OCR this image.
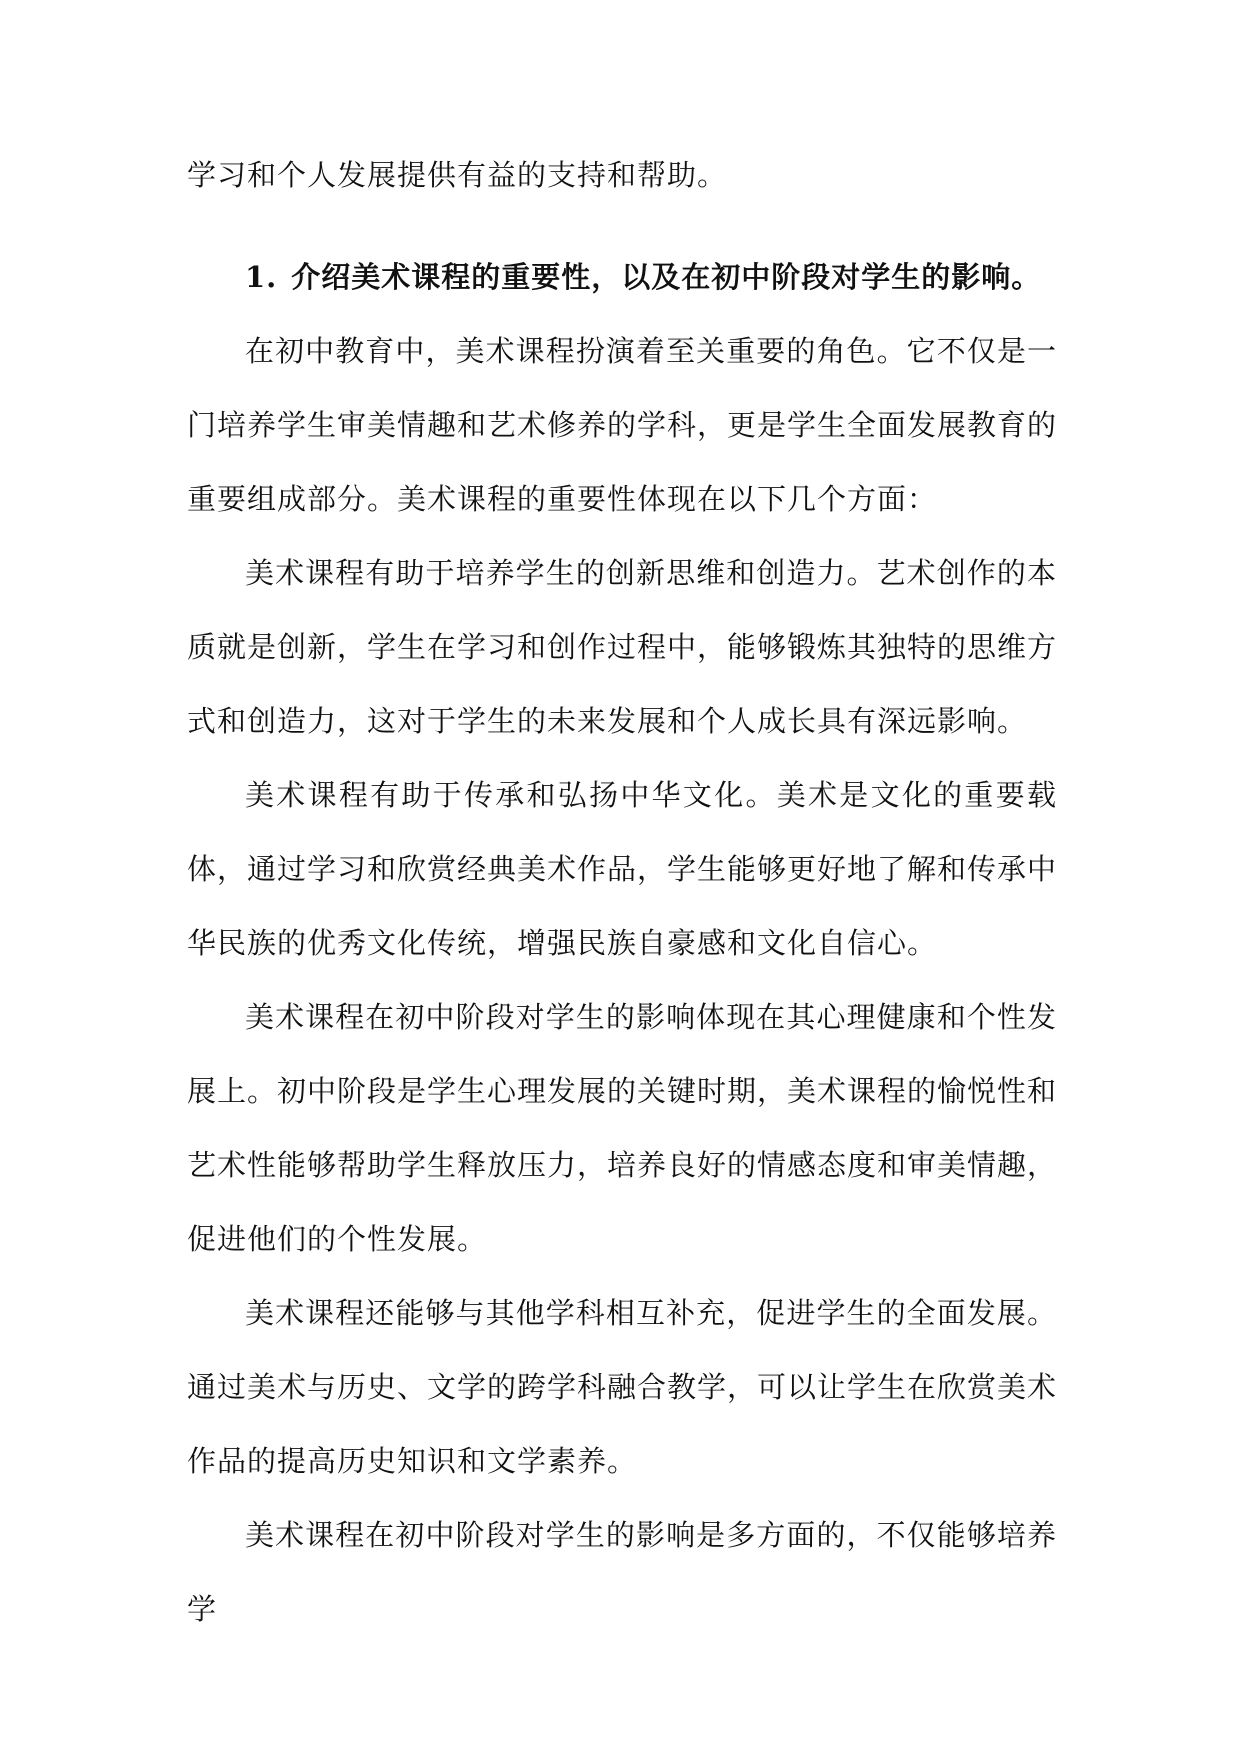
学习和个人发展提供有益的支持和帮助。

1. 介绍美术课程的重要性，以及在初中阶段对学生的影响。

在初中教育中，美术课程扮演着至关重要的角色。它不仅是一门培养学生审美情趣和艺术修养的学科，更是学生全面发展教育的重要组成部分。美术课程的重要性体现在以下几个方面：

美术课程有助于培养学生的创新思维和创造力。艺术创作的本质就是创新，学生在学习和创作过程中，能够锻炼其独特的思维方式和创造力，这对于学生的未来发展和个人成长具有深远影响。

美术课程有助于传承和弘扬中华文化。美术是文化的重要载体，通过学习和欣赏经典美术作品，学生能够更好地了解和传承中华民族的优秀文化传统，增强民族自豪感和文化自信心。

美术课程在初中阶段对学生的影响体现在其心理健康和个性发展上。初中阶段是学生心理发展的关键时期，美术课程的愉悦性和艺术性能够帮助学生释放压力，培养良好的情感态度和审美情趣，促进他们的个性发展。

美术课程还能够与其他学科相互补充，促进学生的全面发展。通过美术与历史、文学的跨学科融合教学，可以让学生在欣赏美术作品的提高历史知识和文学素养。

美术课程在初中阶段对学生的影响是多方面的，不仅能够培养学
